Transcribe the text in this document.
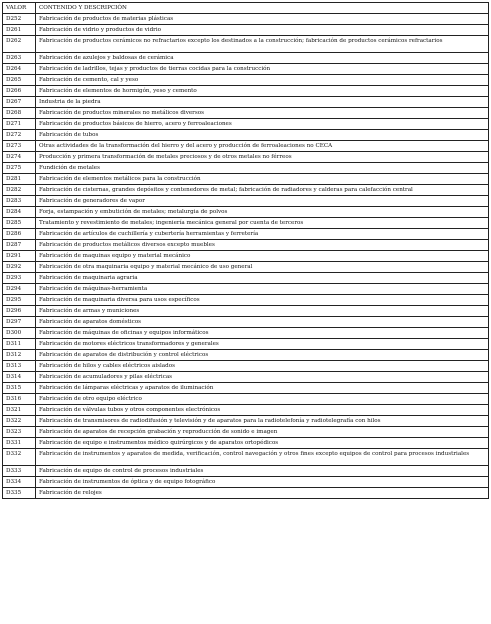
VALOR	CONTENIDO Y DESCRIPCIÓN
D252	Fabricación de productos de materias plásticas
D261	Fabricación de vidrio y productos de vidrio
D262	Fabricación de productos cerámicos no refractarios excepto los destinados a la construcción; fabricación de productos cerámicos refractarios
D263	Fabricación de azulejos y baldosas de cerámica
D264	Fabricación de ladrillos, tejas y productos de tierras cocidas para la construcción
D265	Fabricación de cemento, cal y yeso
D266	Fabricación de elementos de hormigón, yeso y cemento
D267	Industria de la piedra
D268	Fabricación de productos minerales no metálicos diversos
D271	Fabricación de productos básicos de hierro, acero y ferroaleaciones
D272	Fabricación de tubos
D273	Otras actividades de la transformación del hierro y del acero y producción de ferroaleaciones no CECA
D274	Producción y primera transformación de metales preciosos y de otros metales no férreos
D275	Fundición de metales
D281	Fabricación de elementos metálicos para la construcción
D282	Fabricación de cisternas, grandes depósitos y contenedores de metal; fabricación de radiadores y calderas para calefacción central
D283	Fabricación de generadores de vapor
D284	Forja, estampación y embutición de metales; metalurgia de polvos
D285	Tratamiento y revestimiento de metales; ingeniería mecánica general por cuenta de terceros
D286	Fabricación de artículos de cuchillería y cubertería herramientas y ferretería
D287	Fabricación de productos metálicos diversos excepto muebles
D291	Fabricación de maquinas equipo y material mecánico
D292	Fabricación de otra maquinaria equipo y material mecánico de uso general
D293	Fabricación de maquinaria agraria
D294	Fabricación de máquinas-herramienta
D295	Fabricación de maquinaria diversa para usos específicos
D296	Fabricación de armas y municiones
D297	Fabricación de aparatos domésticos
D300	Fabricación de máquinas de oficinas y equipos informáticos
D311	Fabricación de motores eléctricos transformadores y generales
D312	Fabricación de aparatos de distribución y control eléctricos
D313	Fabricación de hilos y cables eléctricos aislados
D314	Fabricación de acumuladores y pilas eléctricas
D315	Fabricación de lámparas eléctricas y aparatos de iluminación
D316	Fabricación de otro equipo eléctrico
D321	Fabricación de válvulas tubos y otros componentes electrónicos
D322	Fabricación de transmisores de radiodifusión y televisión y de aparatos para la radiotelefonía y radiotelegrafía con hilos
D323	Fabricación de aparatos de recepción grabación y reproducción de sonido e imagen
D331	Fabricación de equipo e instrumentos médico quirúrgicos y de aparatos ortopédicos
D332	Fabricación de instrumentos y aparatos de medida, verificación, control navegación y otros fines excepto equipos de control para procesos industriales
D333	Fabricación de equipo de control de procesos industriales
D334	Fabricación de instrumentos de óptica y de equipo fotográfico
D335	Fabricación de relojes
